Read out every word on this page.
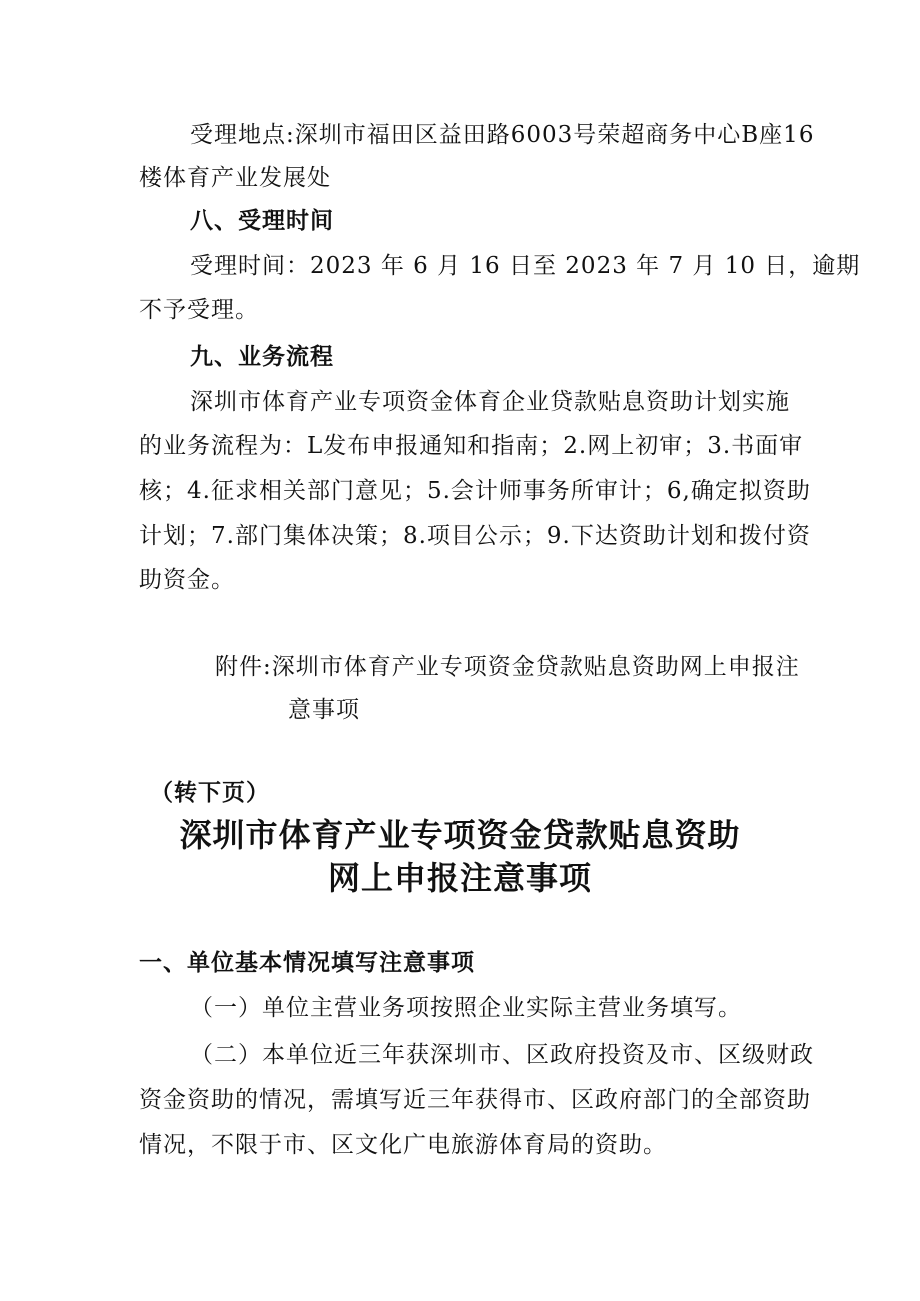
受理地点:深圳市福田区益田路6003号荣超商务中心B座16
楼体育产业发展处
八、受理时间
受理时间：2023 年 6 月 16 日至 2023 年 7 月 10 日，逾期
不予受理。
九、业务流程
深圳市体育产业专项资金体育企业贷款贴息资助计划实施
的业务流程为：L发布申报通知和指南；2.网上初审；3.书面审
核；4.征求相关部门意见；5.会计师事务所审计；6,确定拟资助
计划；7.部门集体决策；8.项目公示；9.下达资助计划和拨付资
助资金。
附件:深圳市体育产业专项资金贷款贴息资助网上申报注
意事项
（转下页）
深圳市体育产业专项资金贷款贴息资助
网上申报注意事项
一、单位基本情况填写注意事项
（一）单位主营业务项按照企业实际主营业务填写。
（二）本单位近三年获深圳市、区政府投资及市、区级财政
资金资助的情况，需填写近三年获得市、区政府部门的全部资助
情况，不限于市、区文化广电旅游体育局的资助。
